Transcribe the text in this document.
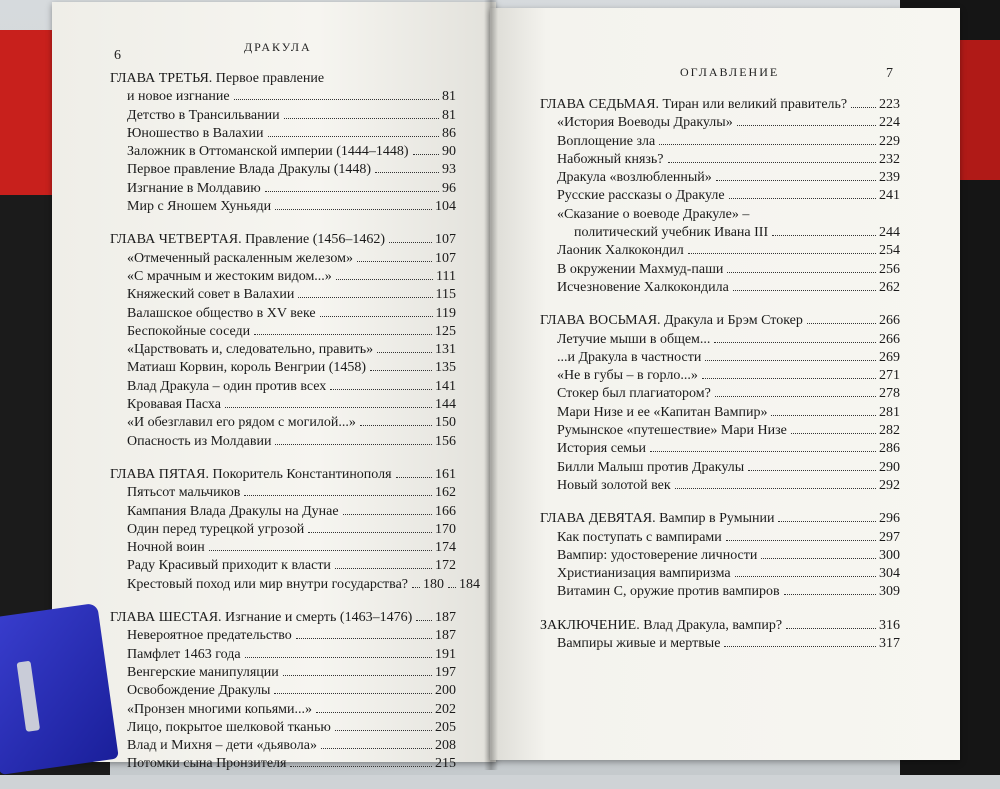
6
ДРАКУЛА
ГЛАВА ТРЕТЬЯ. Первое правление
и новое изгнание	81
Детство в Трансильвании	81
Юношество в Валахии	86
Заложник в Оттоманской империи (1444–1448) 90
Первое правление Влада Дракулы (1448)	93
Изгнание в Молдавию	96
Мир с Яношем Хуньяди	104
ГЛАВА ЧЕТВЕРТАЯ. Правление (1456–1462)	107
«Отмеченный раскаленным железом»	107
«С мрачным и жестоким видом...»	111
Княжеский совет в Валахии	115
Валашское общество в XV веке	119
Беспокойные соседи	125
«Царствовать и, следовательно, править»	131
Матиаш Корвин, король Венгрии (1458)	135
Влад Дракула – один против всех	141
Кровавая Пасха	144
«И обезглавил его рядом с могилой...»	150
Опасность из Молдавии	156
ГЛАВА ПЯТАЯ. Покоритель Константинополя	161
Пятьсот мальчиков	162
Кампания Влада Дракулы на Дунае	166
Один перед турецкой угрозой	170
Ночной воин	174
Раду Красивый приходит к власти	172
Крестовый поход или мир внутри государства? 180 184
ГЛАВА ШЕСТАЯ. Изгнание и смерть (1463–1476) 187
Невероятное предательство	187
Памфлет 1463 года	191
Венгерские манипуляции	197
Освобождение Дракулы	200
«Пронзен многими копьями...»	202
Лицо, покрытое шелковой тканью	205
Влад и Михня – дети «дьявола»	208
Потомки сына Пронзителя	215
ОГЛАВЛЕНИЕ	7
ГЛАВА СЕДЬМАЯ. Тиран или великий правитель? 223
«История Воеводы Дракулы»	224
Воплощение зла	229
Набожный князь?	232
Дракула «возлюбленный»	239
Русские рассказы о Дракуле	241
«Сказание о воеводе Дракуле» –
политический учебник Ивана III	244
Лаоник Халкокондил	254
В окружении Махмуд-паши	256
Исчезновение Халкокондила	262
ГЛАВА ВОСЬМАЯ. Дракула и Брэм Стокер	266
Летучие мыши в общем...	266
...и Дракула в частности	269
«Не в губы – в горло...»	271
Стокер был плагиатором?	278
Мари Низе и ее «Капитан Вампир»	281
Румынское «путешествие» Мари Низе	282
История семьи	286
Билли Малыш против Дракулы	290
Новый золотой век	292
ГЛАВА ДЕВЯТАЯ. Вампир в Румынии	296
Как поступать с вампирами	297
Вампир: удостоверение личности	300
Христианизация вампиризма	304
Витамин С, оружие против вампиров	309
ЗАКЛЮЧЕНИЕ. Влад Дракула, вампир?	316
Вампиры живые и мертвые	317
